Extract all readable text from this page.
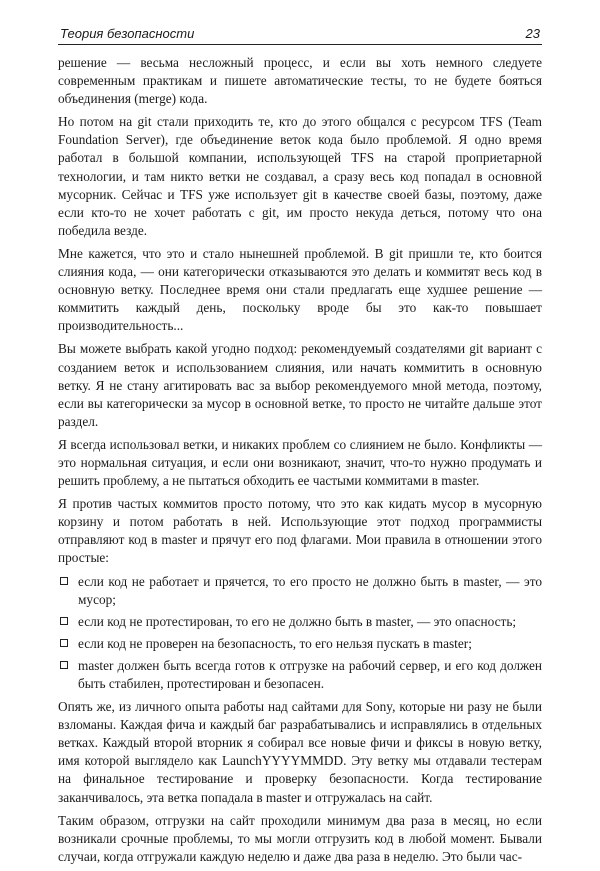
Теория безопасности	23

решение — весьма несложный процесс, и если вы хоть немного следуете современным практикам и пишете автоматические тесты, то не будете бояться объединения (merge) кода.

Но потом на git стали приходить те, кто до этого общался с ресурсом TFS (Team Foundation Server), где объединение веток кода было проблемой. Я одно время работал в большой компании, использующей TFS на старой проприетарной технологии, и там никто ветки не создавал, а сразу весь код попадал в основной мусорник. Сейчас и TFS уже использует git в качестве своей базы, поэтому, даже если кто-то не хочет работать с git, им просто некуда деться, потому что она победила везде.

Мне кажется, что это и стало нынешней проблемой. В git пришли те, кто боится слияния кода, — они категорически отказываются это делать и коммитят весь код в основную ветку. Последнее время они стали предлагать еще худшее решение — коммитить каждый день, поскольку вроде бы это как-то повышает производительность...

Вы можете выбрать какой угодно подход: рекомендуемый создателями git вариант с созданием веток и использованием слияния, или начать коммитить в основную ветку. Я не стану агитировать вас за выбор рекомендуемого мной метода, поэтому, если вы категорически за мусор в основной ветке, то просто не читайте дальше этот раздел.

Я всегда использовал ветки, и никаких проблем со слиянием не было. Конфликты — это нормальная ситуация, и если они возникают, значит, что-то нужно продумать и решить проблему, а не пытаться обходить ее частыми коммитами в master.

Я против частых коммитов просто потому, что это как кидать мусор в мусорную корзину и потом работать в ней. Использующие этот подход программисты отправляют код в master и прячут его под флагами. Мои правила в отношении этого простые:

если код не работает и прячется, то его просто не должно быть в master, — это мусор;
если код не протестирован, то его не должно быть в master, — это опасность;
если код не проверен на безопасность, то его нельзя пускать в master;
master должен быть всегда готов к отгрузке на рабочий сервер, и его код должен быть стабилен, протестирован и безопасен.

Опять же, из личного опыта работы над сайтами для Sony, которые ни разу не были взломаны. Каждая фича и каждый баг разрабатывались и исправлялись в отдельных ветках. Каждый второй вторник я собирал все новые фичи и фиксы в новую ветку, имя которой выглядело как LaunchYYYYMMDD. Эту ветку мы отдавали тестерам на финальное тестирование и проверку безопасности. Когда тестирование заканчивалось, эта ветка попадала в master и отгружалась на сайт.

Таким образом, отгрузки на сайт проходили минимум два раза в месяц, но если возникали срочные проблемы, то мы могли отгрузить код в любой момент. Бывали случаи, когда отгружали каждую неделю и даже два раза в неделю. Это были час-
